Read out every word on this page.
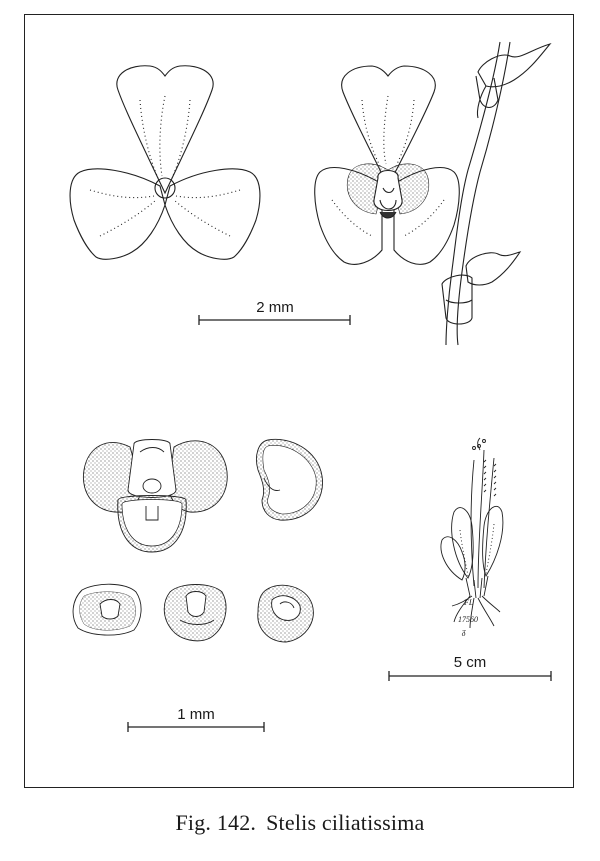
2 mm
1 mm
FL
17560
ᵹ
5 cm
Fig. 142. Stelis ciliatissima
